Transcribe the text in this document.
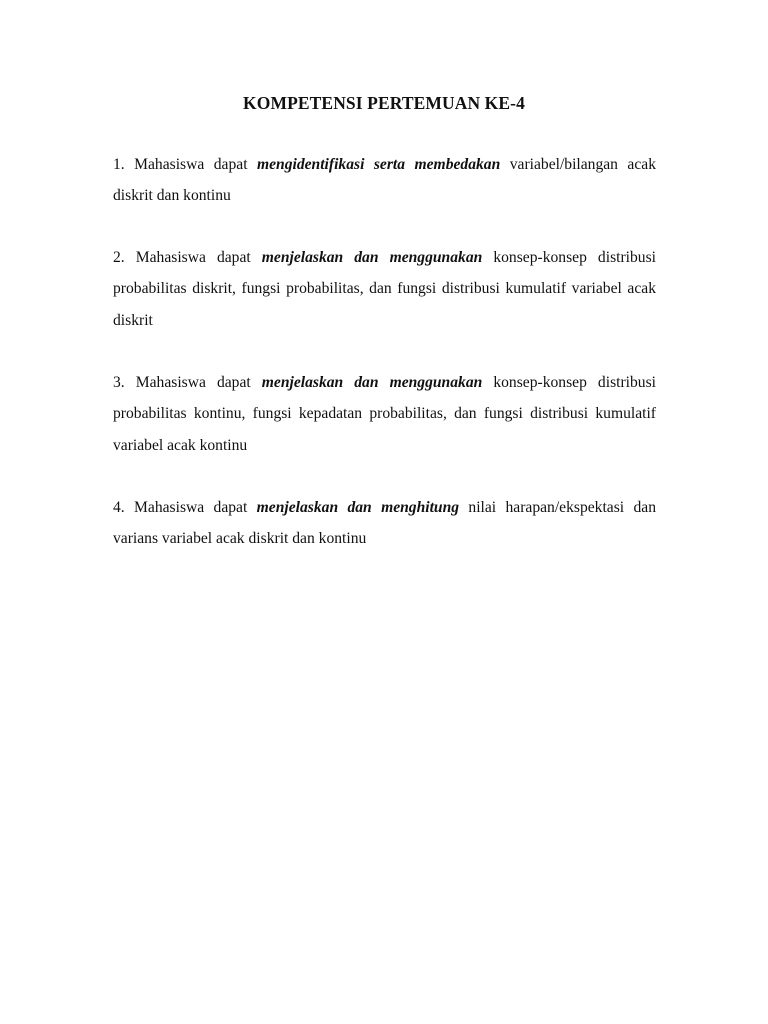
KOMPETENSI PERTEMUAN KE-4

1. Mahasiswa dapat mengidentifikasi serta membedakan variabel/bilangan acak diskrit dan kontinu

2. Mahasiswa dapat menjelaskan dan menggunakan konsep-konsep distribusi probabilitas diskrit, fungsi probabilitas, dan fungsi distribusi kumulatif variabel acak diskrit

3. Mahasiswa dapat menjelaskan dan menggunakan konsep-konsep distribusi probabilitas kontinu, fungsi kepadatan probabilitas, dan fungsi distribusi kumulatif variabel acak kontinu

4. Mahasiswa dapat menjelaskan dan menghitung nilai harapan/ekspektasi dan varians variabel acak diskrit dan kontinu
